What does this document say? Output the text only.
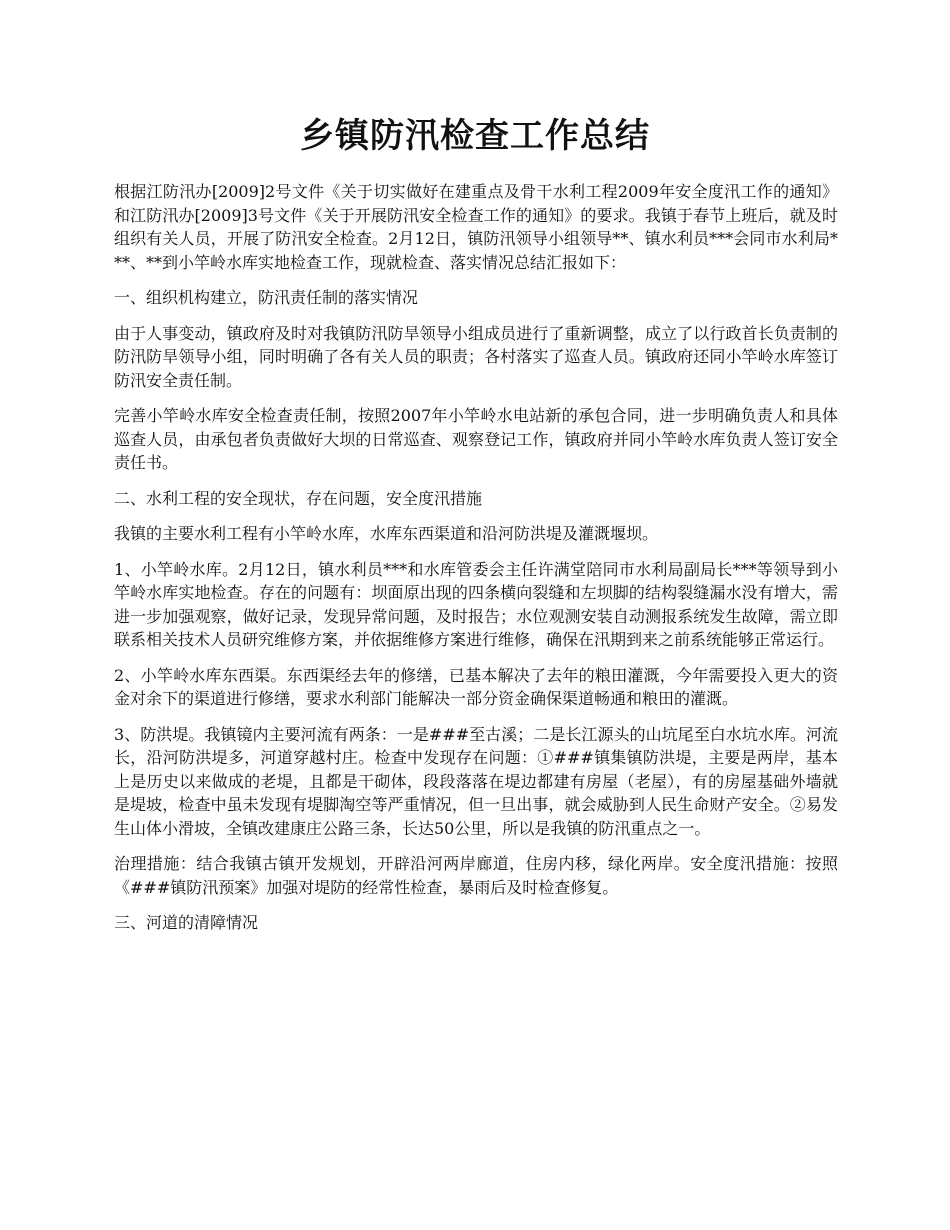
乡镇防汛检查工作总结

根据江防汛办[2009]2号文件《关于切实做好在建重点及骨干水利工程2009年安全度汛工作的通知》和江防汛办[2009]3号文件《关于开展防汛安全检查工作的通知》的要求。我镇于春节上班后，就及时组织有关人员，开展了防汛安全检查。2月12日，镇防汛领导小组领导**、镇水利员***会同市水利局***、**到小竿岭水库实地检查工作，现就检查、落实情况总结汇报如下：

一、组织机构建立，防汛责任制的落实情况

由于人事变动，镇政府及时对我镇防汛防旱领导小组成员进行了重新调整，成立了以行政首长负责制的防汛防旱领导小组，同时明确了各有关人员的职责；各村落实了巡查人员。镇政府还同小竿岭水库签订防汛安全责任制。

完善小竿岭水库安全检查责任制，按照2007年小竿岭水电站新的承包合同，进一步明确负责人和具体巡查人员，由承包者负责做好大坝的日常巡查、观察登记工作，镇政府并同小竿岭水库负责人签订安全责任书。

二、水利工程的安全现状，存在问题，安全度汛措施

我镇的主要水利工程有小竿岭水库，水库东西渠道和沿河防洪堤及灌溉堰坝。

1、小竿岭水库。2月12日，镇水利员***和水库管委会主任许满堂陪同市水利局副局长***等领导到小竿岭水库实地检查。存在的问题有：坝面原出现的四条横向裂缝和左坝脚的结构裂缝漏水没有增大，需进一步加强观察，做好记录，发现异常问题，及时报告；水位观测安装自动测报系统发生故障，需立即联系相关技术人员研究维修方案，并依据维修方案进行维修，确保在汛期到来之前系统能够正常运行。

2、小竿岭水库东西渠。东西渠经去年的修缮，已基本解决了去年的粮田灌溉，今年需要投入更大的资金对余下的渠道进行修缮，要求水利部门能解决一部分资金确保渠道畅通和粮田的灌溉。

3、防洪堤。我镇镜内主要河流有两条：一是###至古溪；二是长江源头的山坑尾至白水坑水库。河流长，沿河防洪堤多，河道穿越村庄。检查中发现存在问题：①###镇集镇防洪堤，主要是两岸，基本上是历史以来做成的老堤，且都是干砌体，段段落落在堤边都建有房屋（老屋），有的房屋基础外墙就是堤坡，检查中虽未发现有堤脚淘空等严重情况，但一旦出事，就会威胁到人民生命财产安全。②易发生山体小滑坡，全镇改建康庄公路三条，长达50公里，所以是我镇的防汛重点之一。

治理措施：结合我镇古镇开发规划，开辟沿河两岸廊道，住房内移，绿化两岸。安全度汛措施：按照《###镇防汛预案》加强对堤防的经常性检查，暴雨后及时检查修复。

三、河道的清障情况
